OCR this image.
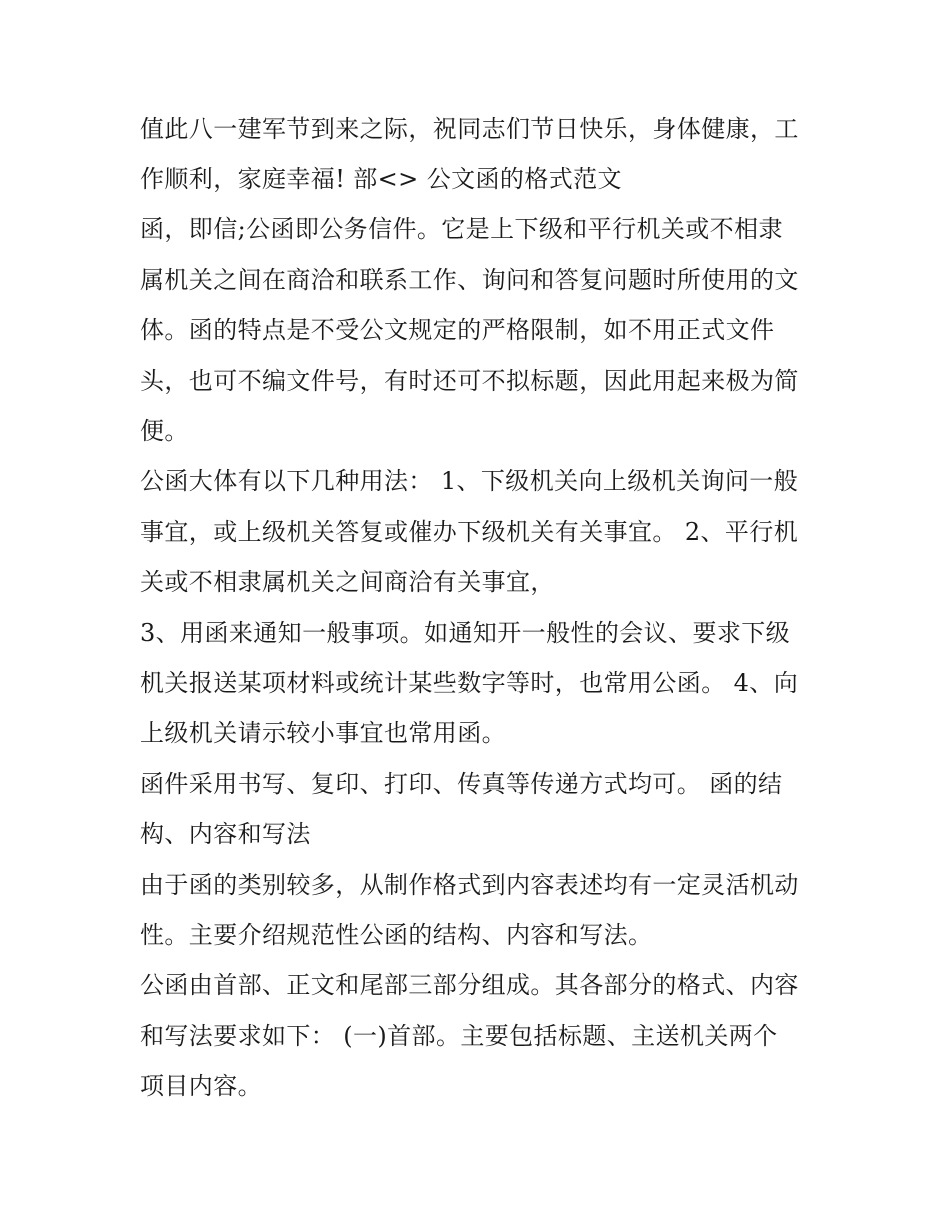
值此八一建军节到来之际，祝同志们节日快乐，身体健康，工
作顺利，家庭幸福! 部<> 公文函的格式范文
函，即信;公函即公务信件。它是上下级和平行机关或不相隶
属机关之间在商洽和联系工作、询问和答复问题时所使用的文
体。函的特点是不受公文规定的严格限制，如不用正式文件
头，也可不编文件号，有时还可不拟标题，因此用起来极为简
便。
公函大体有以下几种用法： 1、下级机关向上级机关询问一般
事宜，或上级机关答复或催办下级机关有关事宜。 2、平行机
关或不相隶属机关之间商洽有关事宜，
3、用函来通知一般事项。如通知开一般性的会议、要求下级
机关报送某项材料或统计某些数字等时，也常用公函。 4、向
上级机关请示较小事宜也常用函。
函件采用书写、复印、打印、传真等传递方式均可。 函的结
构、内容和写法
由于函的类别较多，从制作格式到内容表述均有一定灵活机动
性。主要介绍规范性公函的结构、内容和写法。
公函由首部、正文和尾部三部分组成。其各部分的格式、内容
和写法要求如下： (一)首部。主要包括标题、主送机关两个
项目内容。
